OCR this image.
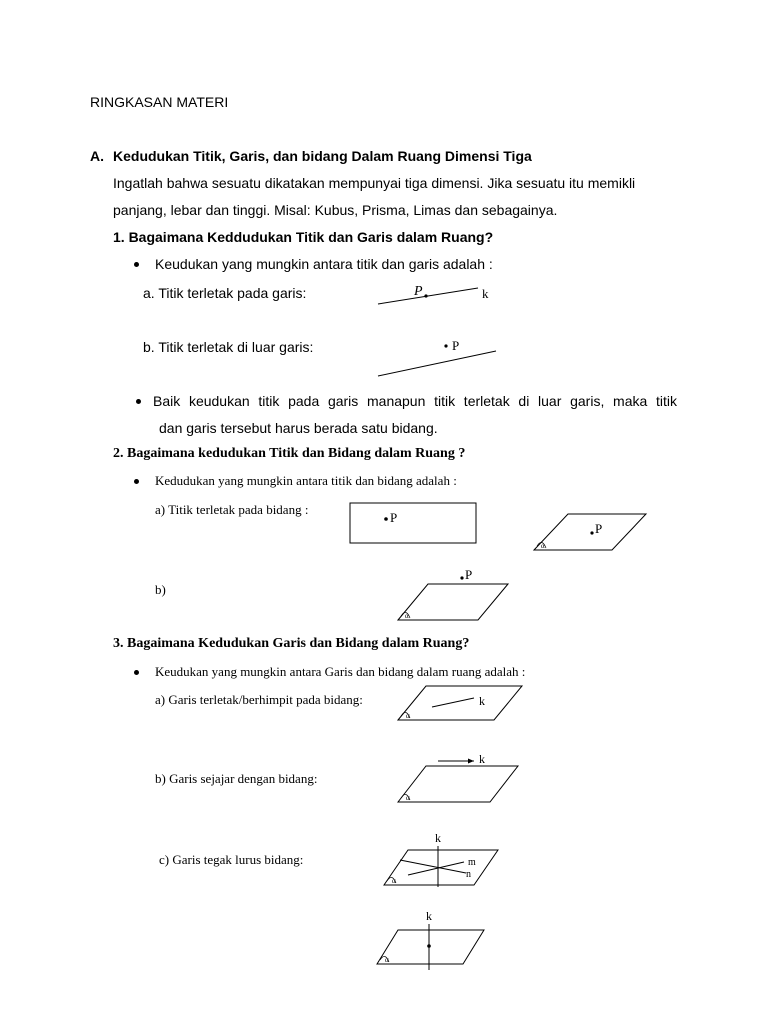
RINGKASAN MATERI
A. Kedudukan Titik, Garis, dan bidang Dalam Ruang Dimensi Tiga
Ingatlah bahwa sesuatu dikatakan mempunyai tiga dimensi. Jika sesuatu itu memikli
panjang, lebar dan tinggi. Misal: Kubus, Prisma, Limas dan sebagainya.
1. Bagaimana Keddudukan Titik dan Garis dalam Ruang?
Keudukan yang mungkin antara titik dan garis adalah :
a. Titik terletak pada garis:	P	k
b. Titik terletak di luar garis:	P
Baik keudukan titik pada garis manapun titik terletak di luar garis, maka titik
dan garis tersebut harus berada satu bidang.
2. Bagaimana kedudukan Titik dan Bidang dalam Ruang ?
Kedudukan yang mungkin antara titik dan bidang adalah :
a) Titik terletak pada bidang :
P
P
α
b)
P
α
3. Bagaimana Kedudukan Garis dan Bidang dalam Ruang?
Keudukan yang mungkin antara Garis dan bidang dalam ruang adalah :
a) Garis terletak/berhimpit pada bidang:	k
α
b) Garis sejajar dengan bidang:
k
α
c) Garis tegak lurus bidang:
k
m
n
α
k
α
